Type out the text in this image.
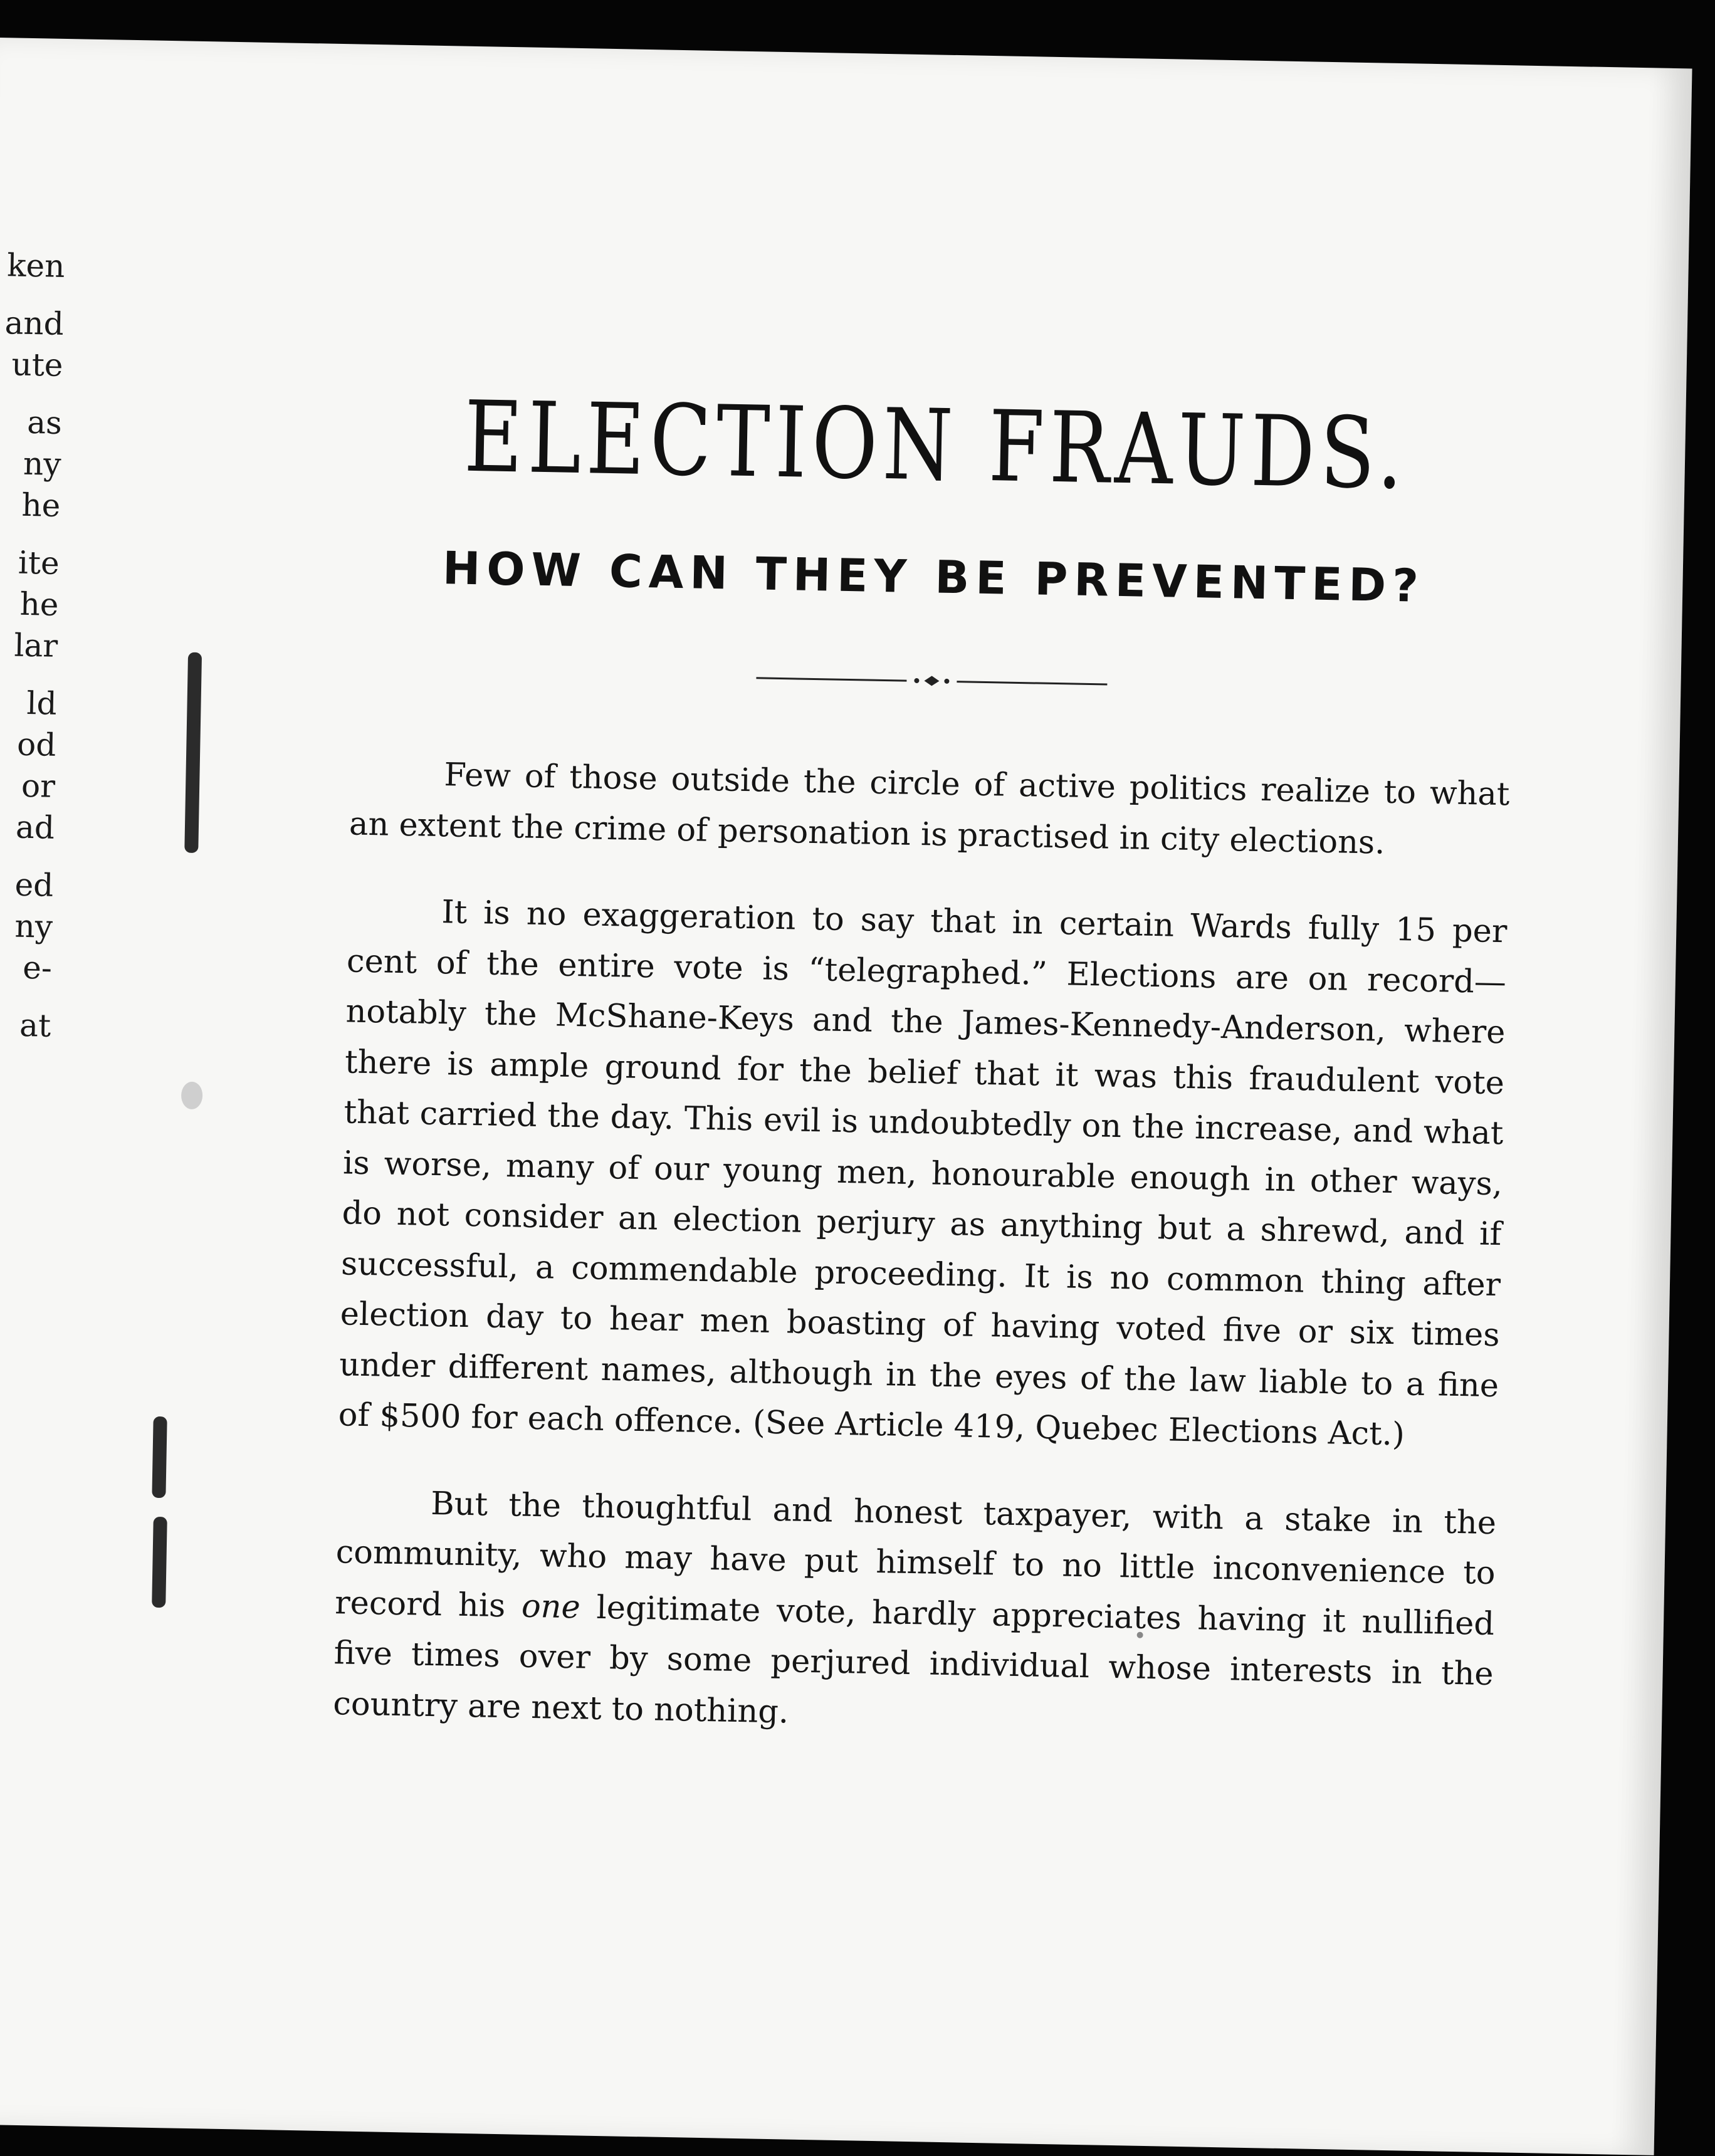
ken
and
ute
as
ny
he
ite
he
lar
ld
od
or
ad
ed
ny
e-
at
ELECTION FRAUDS.
HOW CAN THEY BE PREVENTED?

Few of those outside the circle of active politics realize to what an extent the crime of personation is practised in city elections.

It is no exaggeration to say that in certain Wards fully 15 per cent of the entire vote is “telegraphed.” Elections are on record—notably the McShane-Keys and the James-Kennedy-Anderson, where there is ample ground for the belief that it was this fraudulent vote that carried the day. This evil is undoubtedly on the increase, and what is worse, many of our young men, honourable enough in other ways, do not consider an election perjury as anything but a shrewd, and if successful, a commendable proceeding. It is no common thing after election day to hear men boasting of having voted five or six times under different names, although in the eyes of the law liable to a fine of $500 for each offence. (See Article 419, Quebec Elections Act.)

But the thoughtful and honest taxpayer, with a stake in the community, who may have put himself to no little inconvenience to record his one legitimate vote, hardly appreciates having it nullified five times over by some perjured individual whose interests in the country are next to nothing.
